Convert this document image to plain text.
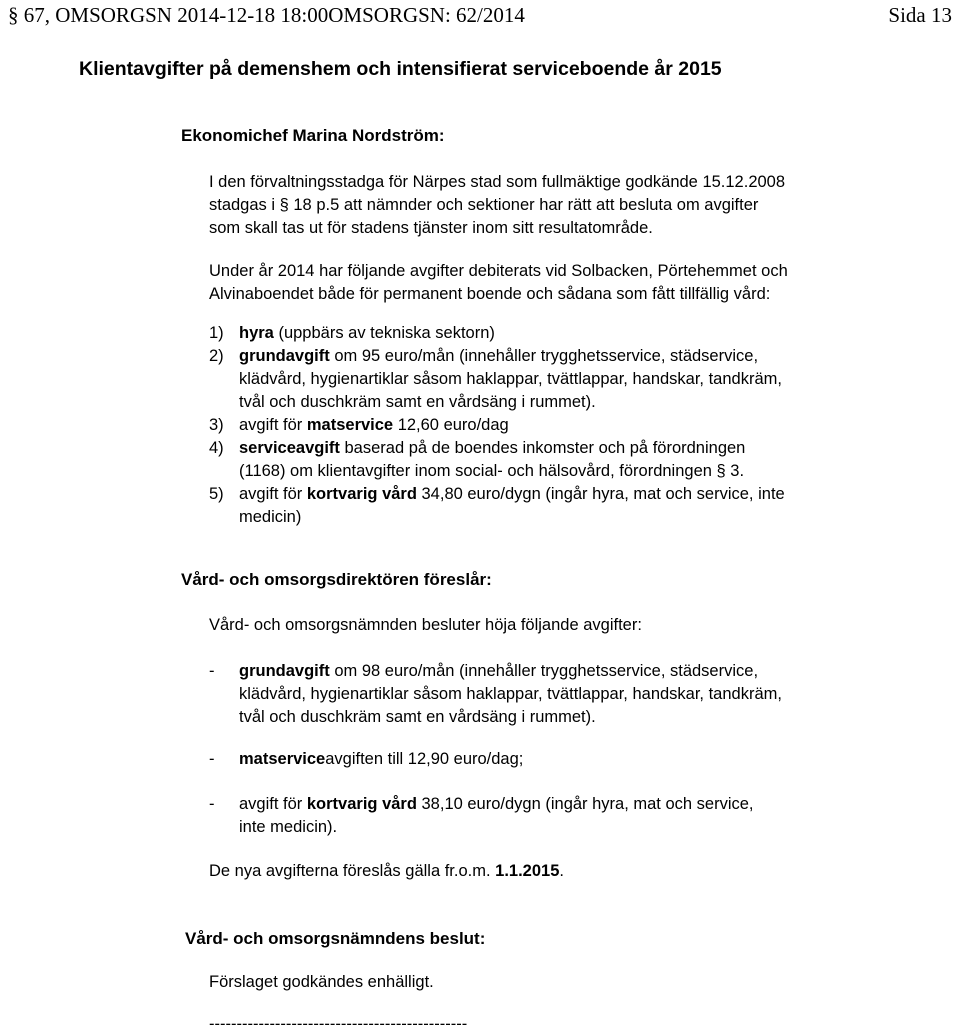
§ 67, OMSORGSN 2014-12-18 18:00OMSORGSN: 62/2014	Sida 13
Klientavgifter på demenshem och intensifierat serviceboende år 2015
Ekonomichef Marina Nordström:
I den förvaltningsstadga för Närpes stad som fullmäktige godkände 15.12.2008
stadgas i § 18 p.5 att nämnder och sektioner har rätt att besluta om avgifter
som skall tas ut för stadens tjänster inom sitt resultatområde.
Under år 2014 har följande avgifter debiterats vid Solbacken, Pörtehemmet och
Alvinaboendet både för permanent boende och sådana som fått tillfällig vård:
1) hyra (uppbärs av tekniska sektorn)
2) grundavgift om 95 euro/mån (innehåller trygghetsservice, städservice,
klädvård, hygienartiklar såsom haklappar, tvättlappar, handskar, tandkräm,
tvål och duschkräm samt en vårdsäng i rummet).
3) avgift för matservice 12,60 euro/dag
4) serviceavgift baserad på de boendes inkomster och på förordningen
(1168) om klientavgifter inom social- och hälsovård, förordningen § 3.
5) avgift för kortvarig vård 34,80 euro/dygn (ingår hyra, mat och service, inte
medicin)
Vård- och omsorgsdirektören föreslår:
Vård- och omsorgsnämnden besluter höja följande avgifter:
- grundavgift om 98 euro/mån (innehåller trygghetsservice, städservice,
klädvård, hygienartiklar såsom haklappar, tvättlappar, handskar, tandkräm,
tvål och duschkräm samt en vårdsäng i rummet).
- matserviceavgiften till 12,90 euro/dag;
- avgift för kortvarig vård 38,10 euro/dygn (ingår hyra, mat och service,
inte medicin).
De nya avgifterna föreslås gälla fr.o.m. 1.1.2015.
Vård- och omsorgsnämndens beslut:
Förslaget godkändes enhälligt.
-----------------------------------------------
